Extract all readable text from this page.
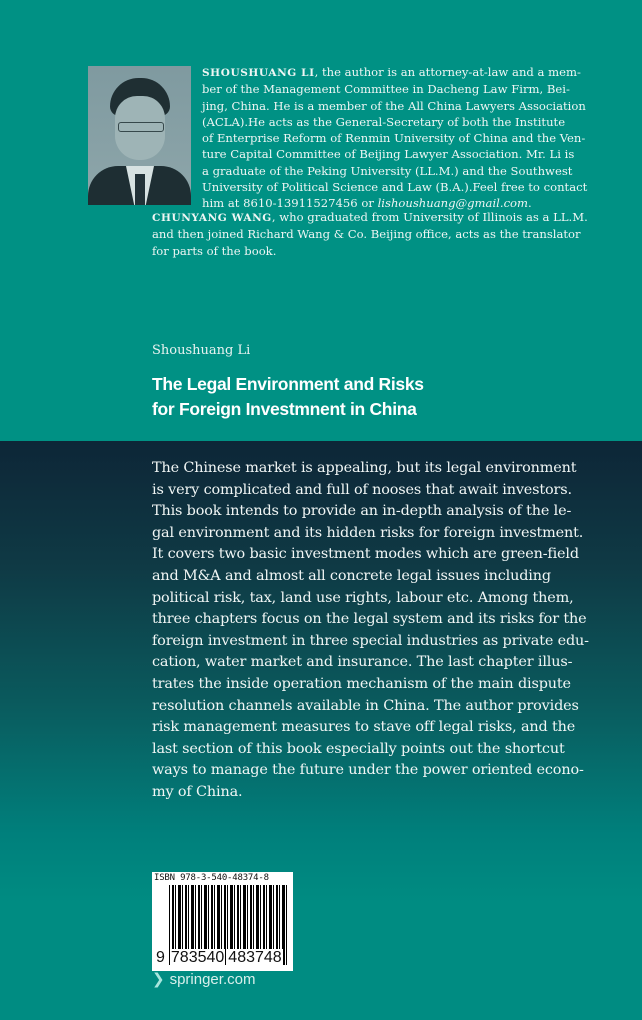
SHOUSHUANG LI, the author is an attorney-at-law and a mem-

ber of the Management Committee in Dacheng Law Firm, Bei-

jing, China. He is a member of the All China Lawyers Association

(ACLA).He acts as the General-Secretary of both the Institute

of Enterprise Reform of Renmin University of China and the Ven-

ture Capital Committee of Beijing Lawyer Association. Mr. Li is

a graduate of the Peking University (LL.M.) and the Southwest

University of Political Science and Law (B.A.).Feel free to contact

him at 8610-13911527456 or lishoushuang@gmail.com.

CHUNYANG WANG, who graduated from University of Illinois as a LL.M.
and then joined Richard Wang & Co. Beijing office, acts as the translator
for parts of the book.
Shoushuang Li
The Legal Environment and Risks
for Foreign Investmnent in China
The Chinese market is appealing, but its legal environment
is very complicated and full of nooses that await investors.
This book intends to provide an in-depth analysis of the le-
gal environment and its hidden risks for foreign investment.
It covers two basic investment modes which are green-field
and M&A and almost all concrete legal issues including
political risk, tax, land use rights, labour etc. Among them,
three chapters focus on the legal system and its risks for the
foreign investment in three special industries as private edu-
cation, water market and insurance. The last chapter illus-
trates the inside operation mechanism of the main dispute
resolution channels available in China. The author provides
risk management measures to stave off legal risks, and the
last section of this book especially points out the shortcut
ways to manage the future under the power oriented econo-
my of China.
ISBN 978-3-540-48374-8
9 783540 483748
❯ springer.com
